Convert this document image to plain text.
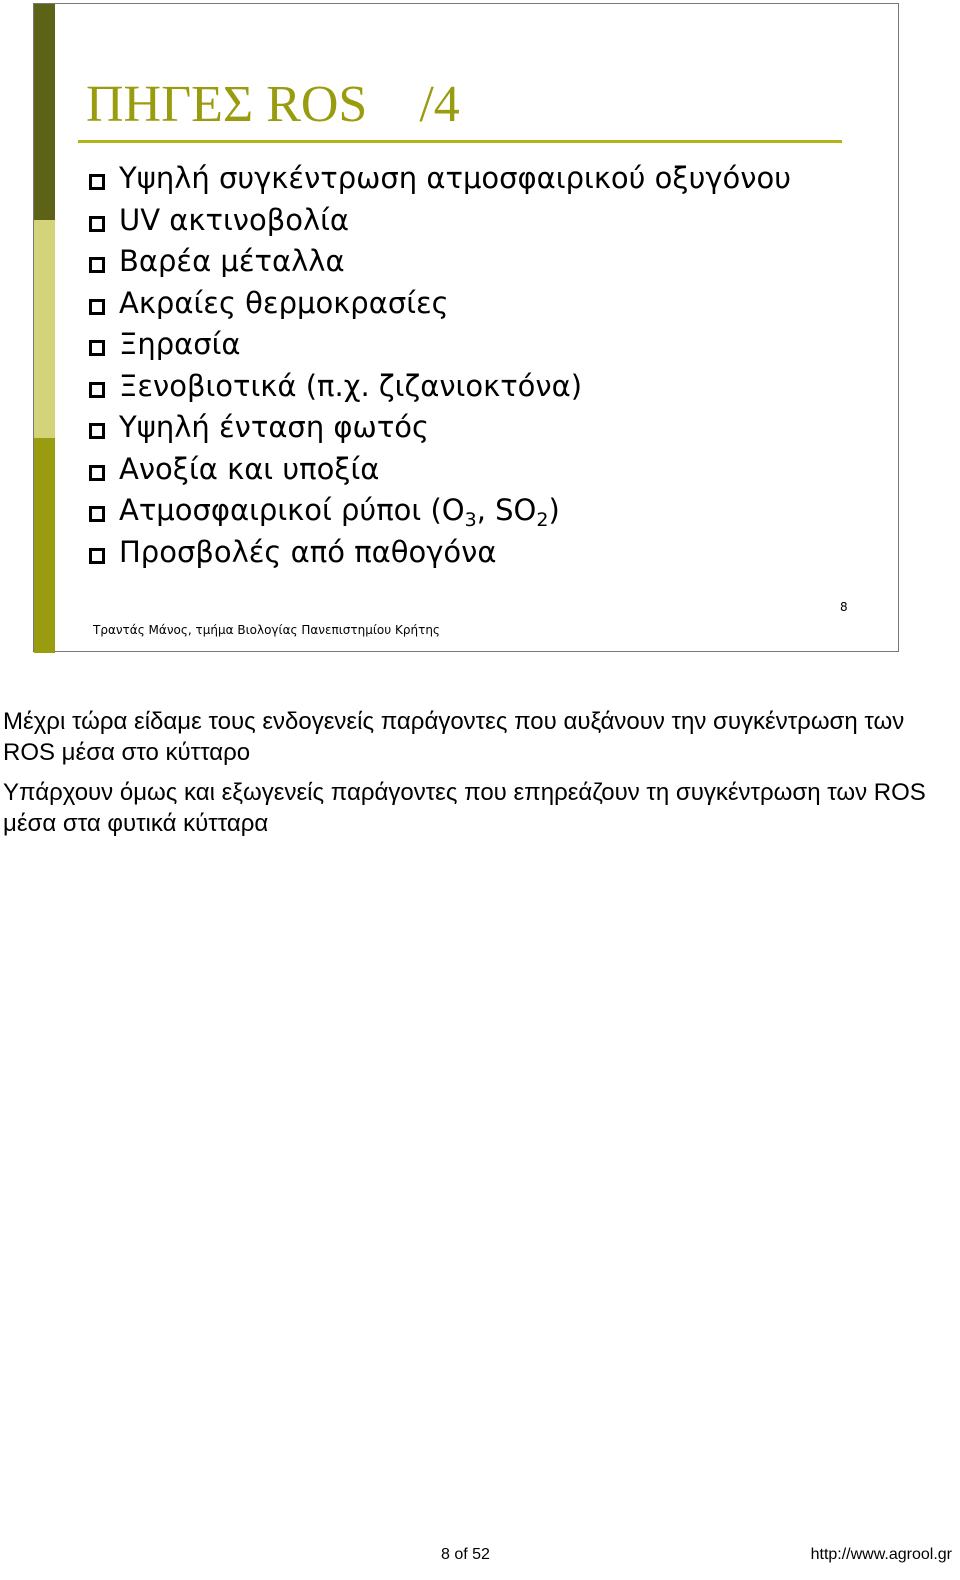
ΠΗΓΕΣ ROS    /4
Υψηλή συγκέντρωση ατμοσφαιρικού οξυγόνου
UV ακτινοβολία
Βαρέα μέταλλα
Ακραίες θερμοκρασίες
Ξηρασία
Ξενοβιοτικά (π.χ. ζιζανιοκτόνα)
Υψηλή ένταση φωτός
Ανοξία και υποξία
Ατμοσφαιρικοί ρύποι ($O_3$, $SO_2$)
Προσβολές από παθογόνα
8
Τραντάς Μάνος, τμήμα Βιολογίας Πανεπιστημίου Κρήτης

Μέχρι τώρα είδαμε τους ενδογενείς παράγοντες που αυξάνουν την συγκέντρωση των ROS μέσα στο κύτταρο

Υπάρχουν όμως και εξωγενείς παράγοντες που επηρεάζουν τη συγκέντρωση των ROS μέσα στα φυτικά κύτταρα

8 of 52	http://www.agrool.gr
